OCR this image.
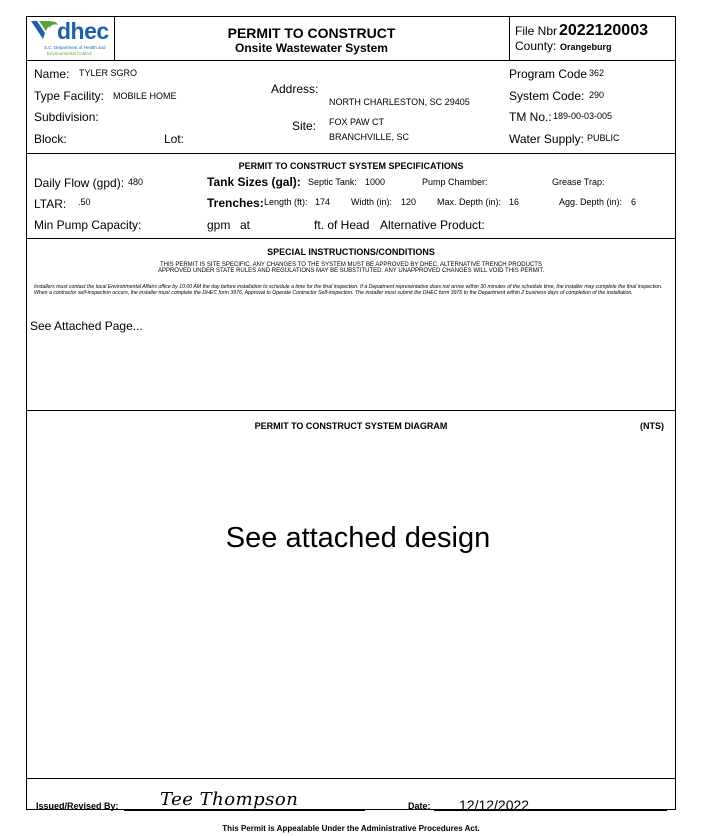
dhec
S.C. Department of Health and
Environmental Control
PERMIT TO CONSTRUCT
Onsite Wastewater System
File Nbr 2022120003
County: Orangeburg
Name: TYLER SGRO
Type Facility: MOBILE HOME
Subdivision:
Block:	Lot:
Address:
NORTH CHARLESTON, SC 29405
Site: FOX PAW CT
BRANCHVILLE, SC
Program Code 362
System Code: 290
TM No.: 189-00-03-005
Water Supply: PUBLIC
PERMIT TO CONSTRUCT SYSTEM SPECIFICATIONS
Daily Flow (gpd): 480	Tank Sizes (gal): Septic Tank: 1000	Pump Chamber:	Grease Trap:
LTAR: .50	Trenches: Length (ft): 174 Width (in): 120 Max. Depth (in): 16	Agg. Depth (in): 6
Min Pump Capacity:	gpm at	ft. of Head Alternative Product:
SPECIAL INSTRUCTIONS/CONDITIONS
THIS PERMIT IS SITE SPECIFIC. ANY CHANGES TO THE SYSTEM MUST BE APPROVED BY DHEC. ALTERNATIVE TRENCH PRODUCTS
APPROVED UNDER STATE RULES AND REGULATIONS MAY BE SUBSTITUTED. ANY UNAPPROVED CHANGES WILL VOID THIS PERMIT.
Installers must contact the local Environmental Affairs office by 10:00 AM the day before installation to schedule a time for the final inspection. If a Depatment representative does not arrive within 30 minutes of the schedule time, the installer may complete the final inspection. When a contractor self-inspection occurs, the installer must complete the DHEC form 3976, Approval to Operate Contractor Self-inspection. The installer must submit the DHEC form 3976 to the Department within 2 business days of completion of the installation.
See Attached Page...
PERMIT TO CONSTRUCT SYSTEM DIAGRAM	(NTS)
See attached design
Issued/Revised By: Tee Thompson	Date: 12/12/2022
This Permit is Appealable Under the Administrative Procedures Act.
